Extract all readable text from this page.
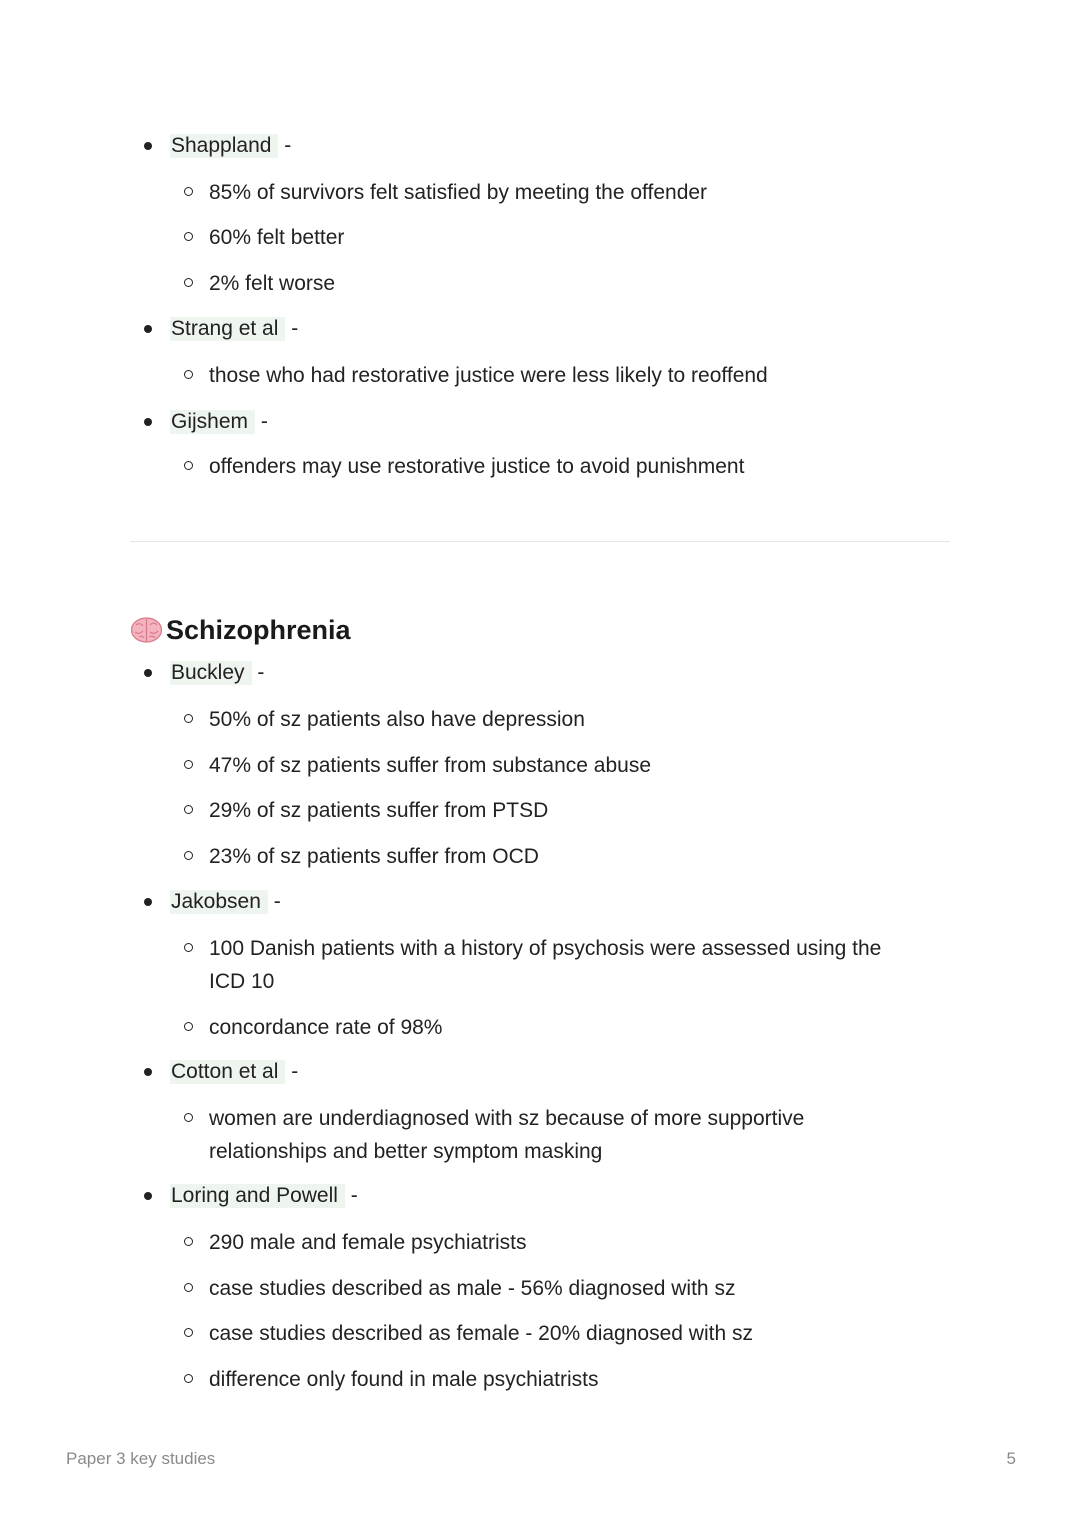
Shappland -
85% of survivors felt satisfied by meeting the offender
60% felt better
2% felt worse
Strang et al -
those who had restorative justice were less likely to reoffend
Gijshem -
offenders may use restorative justice to avoid punishment
Schizophrenia
Buckley -
50% of sz patients also have depression
47% of sz patients suffer from substance abuse
29% of sz patients suffer from PTSD
23% of sz patients suffer from OCD
Jakobsen -
100 Danish patients with a history of psychosis were assessed using the ICD 10
concordance rate of 98%
Cotton et al -
women are underdiagnosed with sz because of more supportive relationships and better symptom masking
Loring and Powell -
290 male and female psychiatrists
case studies described as male - 56% diagnosed with sz
case studies described as female - 20% diagnosed with sz
difference only found in male psychiatrists
Paper 3 key studies	5
